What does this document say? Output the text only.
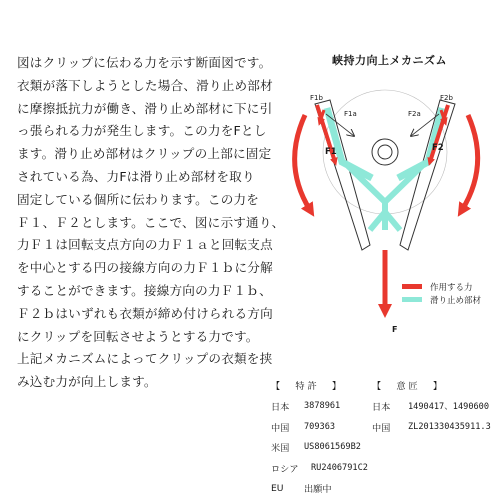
図はクリップに伝わる力を示す断面図です。
衣類が落下しようとした場合、滑り止め部材
に摩擦抵抗力が働き、滑り止め部材に下に引
っ張られる力が発生します。この力をFとし
ます。滑り止め部材はクリップの上部に固定
されている為、力Fは滑り止め部材を取り
固定している個所に伝わります。この力を
Ｆ１、Ｆ２とします。ここで、図に示す通り、
力Ｆ１は回転支点方向の力Ｆ１ａと回転支点
を中心とする円の接線方向の力Ｆ１ｂに分解
することができます。接線方向の力Ｆ１ｂ、
Ｆ２ｂはいずれも衣類が締め付けられる方向
にクリップを回転させようとする力です。
上記メカニズムによってクリップの衣類を挟
み込む力が向上します。
峡持力向上メカニズム
F1b
F1a
F1
F2a
F2b
F2
F
作用する力
滑り止め部材
【　特許　】	【　意匠　】
日本	3878961	日本	1490417、1490600
中国	709363	中国	ZL201330435911.3
米国	US8061569B2
ロシア	RU2406791C2
EU	出願中
